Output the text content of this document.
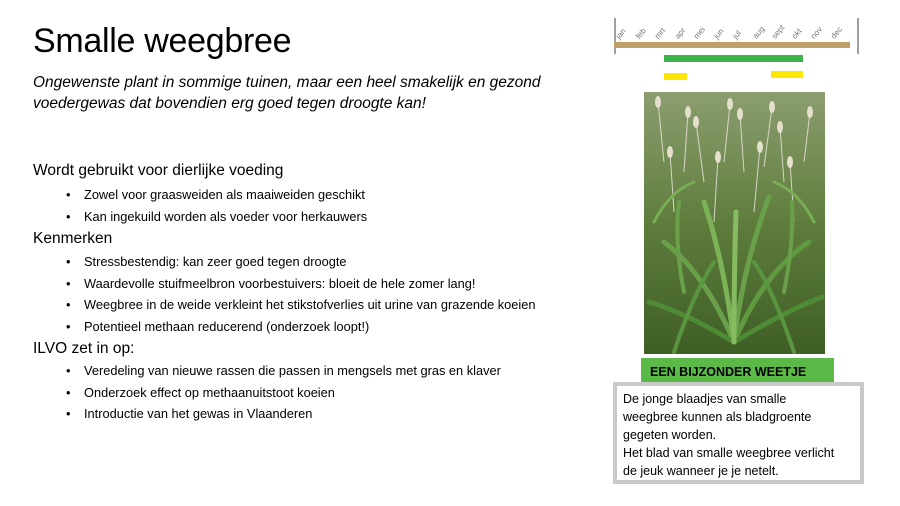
Smalle weegbree

Ongewenste plant in sommige tuinen, maar een heel smakelijk en gezond voedergewas dat bovendien erg goed tegen droogte kan!

Wordt gebruikt voor dierlijke voeding
• Zowel voor graasweiden als maaiweiden geschikt
• Kan ingekuild worden als voeder voor herkauwers
Kenmerken
• Stressbestendig: kan zeer goed tegen droogte
• Waardevolle stuifmeelbron voorbestuivers: bloeit de hele zomer lang!
• Weegbree in de weide verkleint het stikstofverlies uit urine van grazende koeien
• Potentieel methaan reducerend (onderzoek loopt!)
ILVO zet in op:
• Veredeling van nieuwe rassen die passen in mengsels met gras en klaver
• Onderzoek effect op methaanuitstoot koeien
• Introductie van het gewas in Vlaanderen
jan feb mrt apr mei jun jul aug sept okt nov dec
EEN BIJZONDER WEETJE
De jonge blaadjes van smalle
weegbree kunnen als bladgroente
gegeten worden.
Het blad van smalle weegbree verlicht
de jeuk wanneer je je netelt.
